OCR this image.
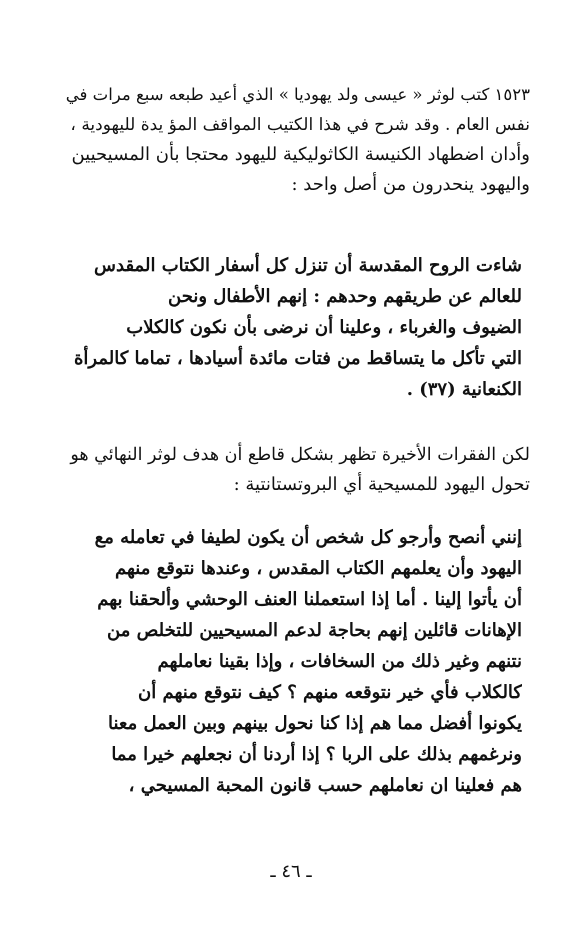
١٥٢٣ كتب لوثر « عيسى ولد يهوديا » الذي أعيد طبعه سبع مرات في
نفس العام . وقد شرح في هذا الكتيب المواقف المؤ يدة لليهودية ،
وأدان اضطهاد الكنيسة الكاثوليكية لليهود محتجا بأن المسيحيين
واليهود ينحدرون من أصل واحد :
شاءت الروح المقدسة أن تنزل كل أسفار الكتاب المقدس
للعالم عن طريقهم وحدهم : إنهم الأطفال ونحن
الضيوف والغرباء ، وعلينا أن نرضى بأن نكون كالكلاب
التي تأكل ما يتساقط من فتات مائدة أسيادها ، تماما كالمرأة
الكنعانية (٣٧) .
لكن الفقرات الأخيرة تظهر بشكل قاطع أن هدف لوثر النهائي هو
تحول اليهود للمسيحية أي البروتستانتية :
إنني أنصح وأرجو كل شخص أن يكون لطيفا في تعامله مع
اليهود وأن يعلمهم الكتاب المقدس ، وعندها نتوقع منهم
أن يأتوا إلينا . أما إذا استعملنا العنف الوحشي وألحقنا بهم
الإهانات قائلين إنهم بحاجة لدعم المسيحيين للتخلص من
نتنهم وغير ذلك من السخافات ، وإذا بقينا نعاملهم
كالكلاب فأي خير نتوقعه منهم ؟ كيف نتوقع منهم أن
يكونوا أفضل مما هم إذا كنا نحول بينهم وبين العمل معنا
ونرغمهم بذلك على الربا ؟ إذا أردنا أن نجعلهم خيرا مما
هم فعلينا ان نعاملهم حسب قانون المحبة المسيحي ،
ـ ٤٦ ـ
